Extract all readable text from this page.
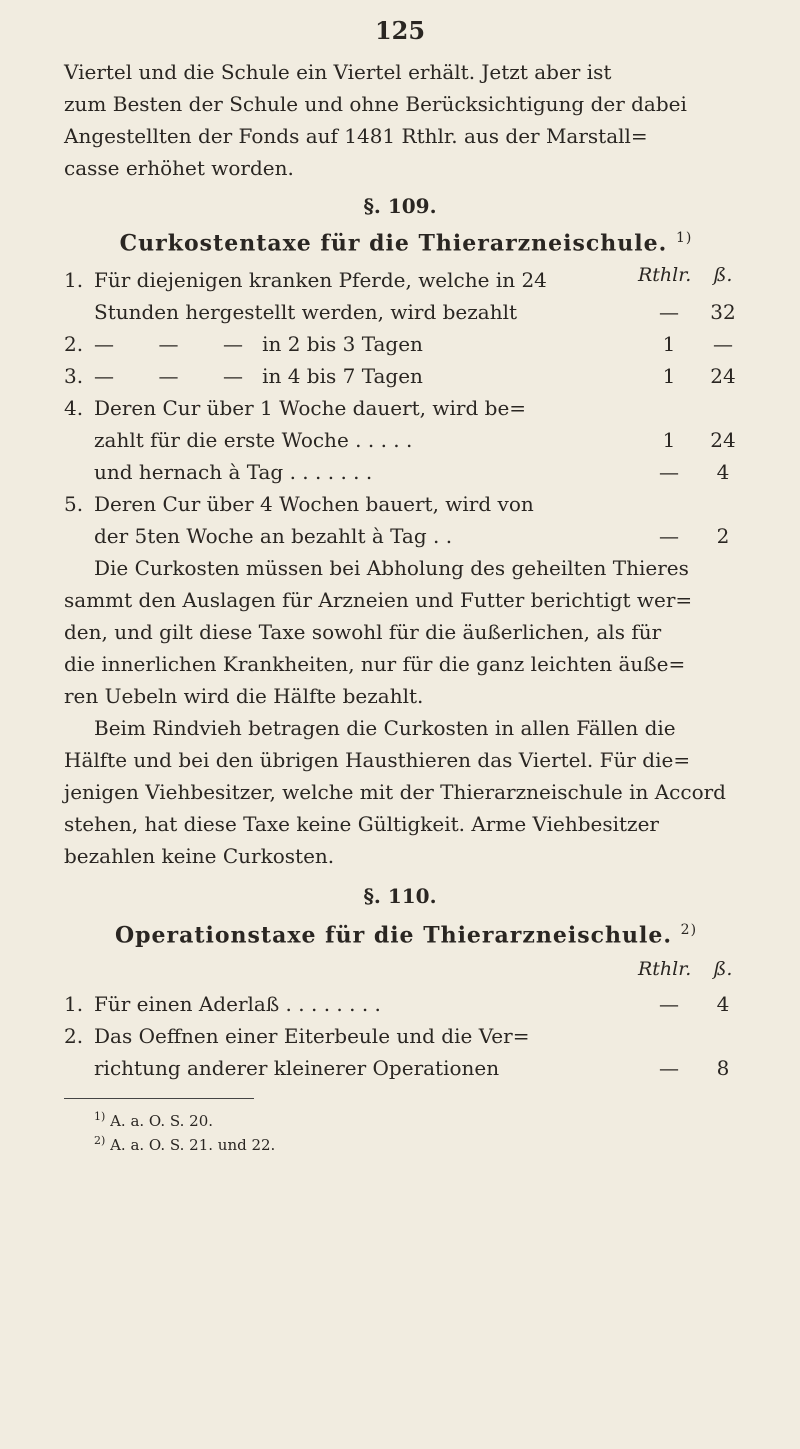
125
Viertel und die Schule ein Viertel erhält. Jetzt aber ist
zum Besten der Schule und ohne Berücksichtigung der dabei
Angestellten der Fonds auf 1481 Rthlr. aus der Marstall=
casse erhöhet worden.
§. 109.
Curkostentaxe für die Thierarzneischule. $^{1)}$
Rthlr. ß.
1. Für diejenigen kranken Pferde, welche in 24
Stunden hergestellt werden, wird bezahlt	—	32
2. —       —       —   in 2 bis 3 Tagen	1	—
3. —       —       —   in 4 bis 7 Tagen	1	24
4. Deren Cur über 1 Woche dauert, wird be=
zahlt für die erste Woche . . . . .	1	24
und hernach à Tag . . . . . . .	—	4
5. Deren Cur über 4 Wochen bauert, wird von
der 5ten Woche an bezahlt à Tag . .	—	2
Die Curkosten müssen bei Abholung des geheilten Thieres
sammt den Auslagen für Arzneien und Futter berichtigt wer=
den, und gilt diese Taxe sowohl für die äußerlichen, als für
die innerlichen Krankheiten, nur für die ganz leichten äuße=
ren Uebeln wird die Hälfte bezahlt.
Beim Rindvieh betragen die Curkosten in allen Fällen die
Hälfte und bei den übrigen Hausthieren das Viertel. Für die=
jenigen Viehbesitzer, welche mit der Thierarzneischule in Accord
stehen, hat diese Taxe keine Gültigkeit. Arme Viehbesitzer
bezahlen keine Curkosten.
§. 110.
Operationstaxe für die Thierarzneischule. $^{2)}$
Rthlr. ß.
1. Für einen Aderlaß . . . . . . . .	—	4
2. Das Oeffnen einer Eiterbeule und die Ver=
richtung anderer kleinerer Operationen	—	8
$^{1)}$ A. a. O. S. 20.
$^{2)}$ A. a. O. S. 21. und 22.
